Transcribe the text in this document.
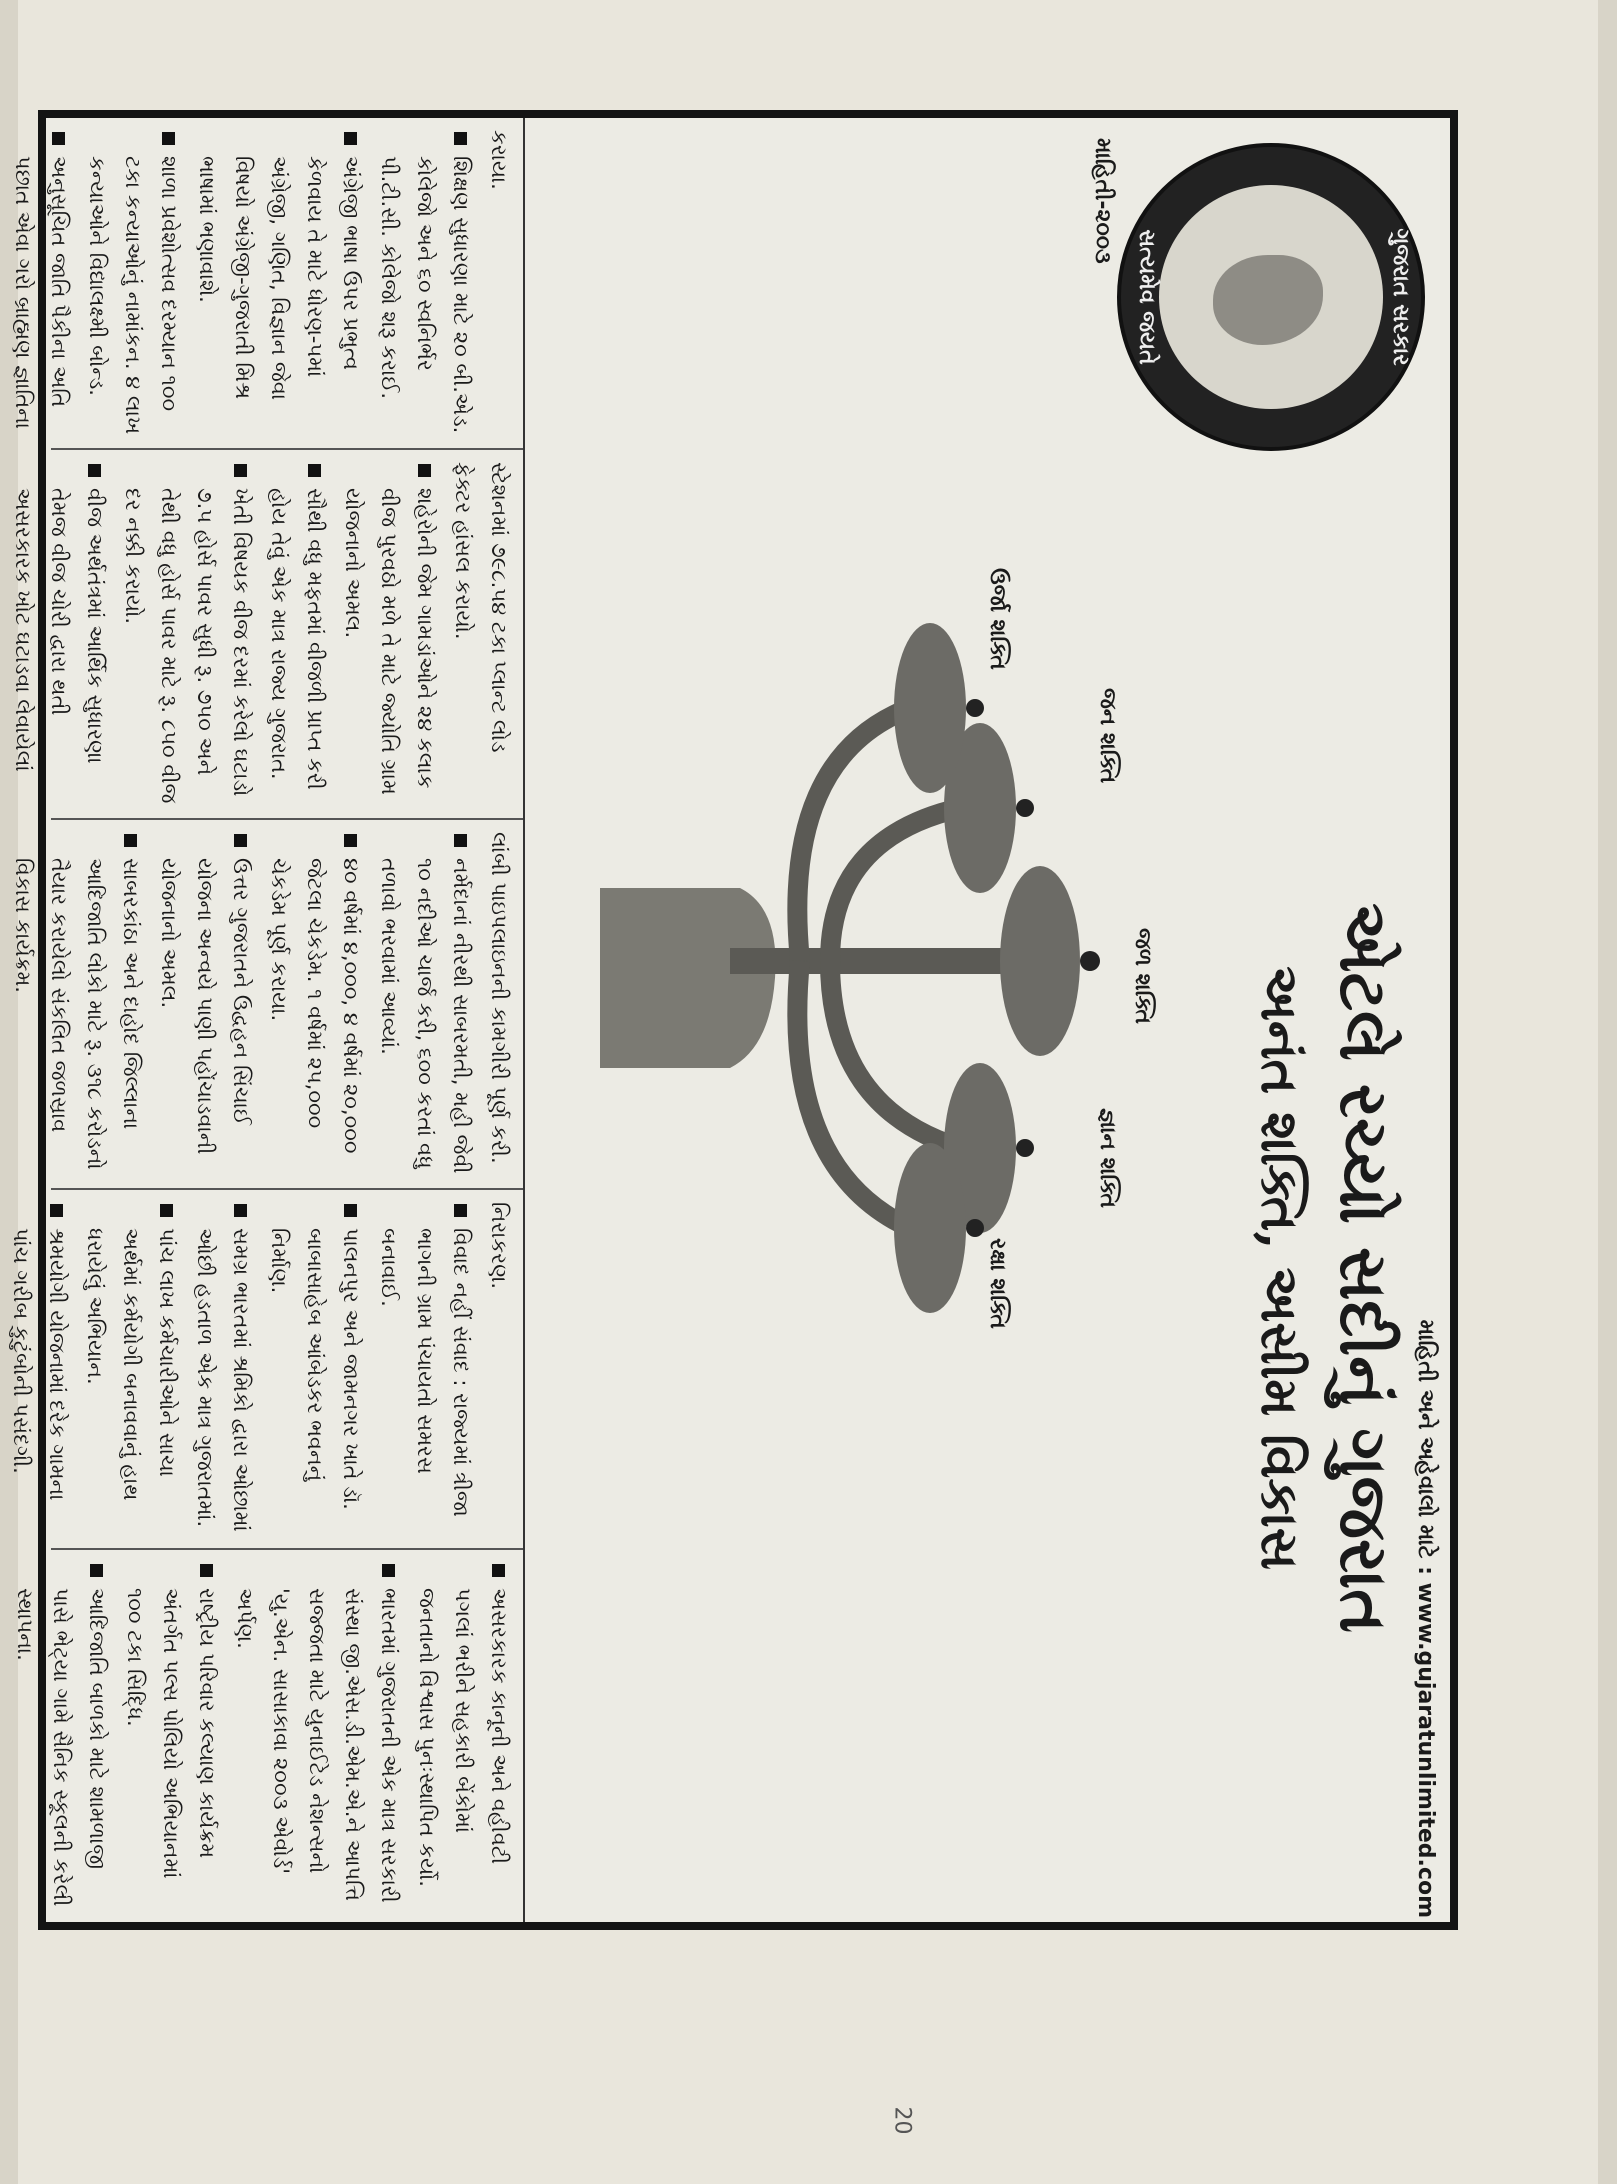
20
માહિતી અને અહેવાલો માટે : www.gujaratunlimited.com
એટલે રચ્યો સદીનું ગુજરાત
અનંત શક્તિ, અસીમ વિકાસ
ગુજરાત સરકાર
સત્યમેવ જયતે
માહિતી-૨૦૦૩
ઉર્જા શક્તિ
જન શક્તિ
જળ શક્તિ
જ્ઞાન શક્તિ
રક્ષા શક્તિ

કરાયા.

શિક્ષણ સુધારણા માટે ૨૦ બી.એડ. કોલેજો અને ૬૦ સ્વનિર્ભર પી.ટી.સી. કોલેજો શરૂ કરાઈ.

અંગ્રેજી ભાષા ઉપર પ્રભુત્વ કેળવાય તે માટે ધોરણ-૫માં અંગ્રેજી, ગણિત, વિજ્ઞાન જેવા વિષયો અંગ્રેજી-ગુજરાતી મિશ્ર ભાષામાં ભણાવાશે.

શાળા પ્રવેશોત્સવ દરમ્યાન ૧૦૦ ટકા કન્યાઓનું નામાંકન. ૪ લાખ કન્યાઓને વિદ્યાલક્ષ્મી બોન્ડ.

અનુસૂચિત જાતિ પૈકીના અતિ પછાત એવા ગરો બ્રાહ્મણ જ્ઞાતિના

સ્ટેશનમાં ૭૯૮.૫૪ ટકા પ્લાન્ટ લોડ ફેક્ટર હાંસલ કરાયો.

શહેરોની જેમ ગામડાંઓને ૨૪ કલાક વીજ પુરવઠો મળે તે માટે જ્યોતિ ગ્રામ યોજનાનો અમલ.

સૌથી વધુ મફતમાં વીજળી પ્રાપ્ત કરી હોય તેવું એક માત્ર રાજ્ય ગુજરાત.

ખેતી વિષયક વીજ દરમાં કરેલો ઘટાડો ૭.૫ હોર્સ પાવર સુધી રૂ. ૭૫૦ અને તેથી વધુ હોર્સ પાવર માટે રૂ. ૮૫૦ વીજ દર નક્કી કરાયો.

વીજ અર્થતંત્રમાં આર્થિક સુધારણા તેમજ વીજ ચોરી દ્વારા થતી અસરકારક ખોટ ઘટાડવા લેવાયેલાં

લાંબી પાઇપલાઇનની કામગીરી પૂર્ણ કરી.

નર્મદાનાં નીરથી સાબરમતી, મહી જેવી ૧૦ નદીઓ ચાર્જ કરી, ૬૦૦ કરતાં વધુ તળાવો ભરવામાં આવ્યાં.

૪૦ વર્ષમાં ૪,૦૦૦, ૪ વર્ષમાં ૨૦,૦૦૦ જેટલા ચેકડેમ. ૧ વર્ષમાં ૨૫,૦૦૦ ચેકડેમ પૂર્ણ કરાયા.

ઉત્તર ગુજરાતને ઉદ્વહન સિંચાઈ યોજના અન્વયે પાણી પહોંચાડવાની યોજનાનો અમલ.

સાબરકાંઠા અને દાહોદ જિલ્લાના આદિજાતિ લોકો માટે રૂ. ૩૧૮ કરોડનો તૈયાર કરાયેલો સંકલિત જળસ્રાવ વિકાસ કાર્યક્રમ.

નિરાકરણ.

વિવાદ નહીં સંવાદ : રાજ્યમાં ત્રીજા ભાગની ગ્રામ પંચાયતો સમરસ બનાવાઈ.

પાલનપુર અને જામનગર ખાતે ડૉ. બાબાસાહેબ આંબેડકર ભવનનું નિર્માણ.

સમગ્ર ભારતમાં શ્રમિકો દ્વારા ઓછામાં ઓછી હડતાળ એક માત્ર ગુજરાતમાં.

પાંચ લાખ કર્મચારીઓને સાચા અર્થમાં કર્મયોગી બનાવવાનું હાથ ધરાયેલું અભિયાન.

શ્રમયોગી યોજનામાં દરેક ગામના પાંચ ગરીબ કુટુંબોની પસંદગી.

અસરકારક કાનૂની અને વહીવટી પગલાં ભરીને સહકારી બેંકોમાં જનતાનો વિશ્વાસ પુનઃસ્થાપિત કર્યો.

ભારતમાં ગુજરાતની એક માત્ર સરકારી સંસ્થા જી.એસ.ડી.એમ.એ.ને આપત્તિ સજ્જતા માટે યુનાઈટેડ નેશન્સનો 'યુ.એન. સાસાકાવા ૨૦૦૩ એવોર્ડ' અર્પણ.

રાષ્ટ્રીય પરિવાર કલ્યાણ કાર્યક્રમ અંતર્ગત પલ્સ પોલિયો અભિયાનમાં ૧૦૦ ટકા સિદ્ધિ.

આદિજાતિ બાળકો માટે શામળાજી પાસે ભેટ્યા ગામે સૈનિક સ્કૂલની કરેલી સ્થાપના.
